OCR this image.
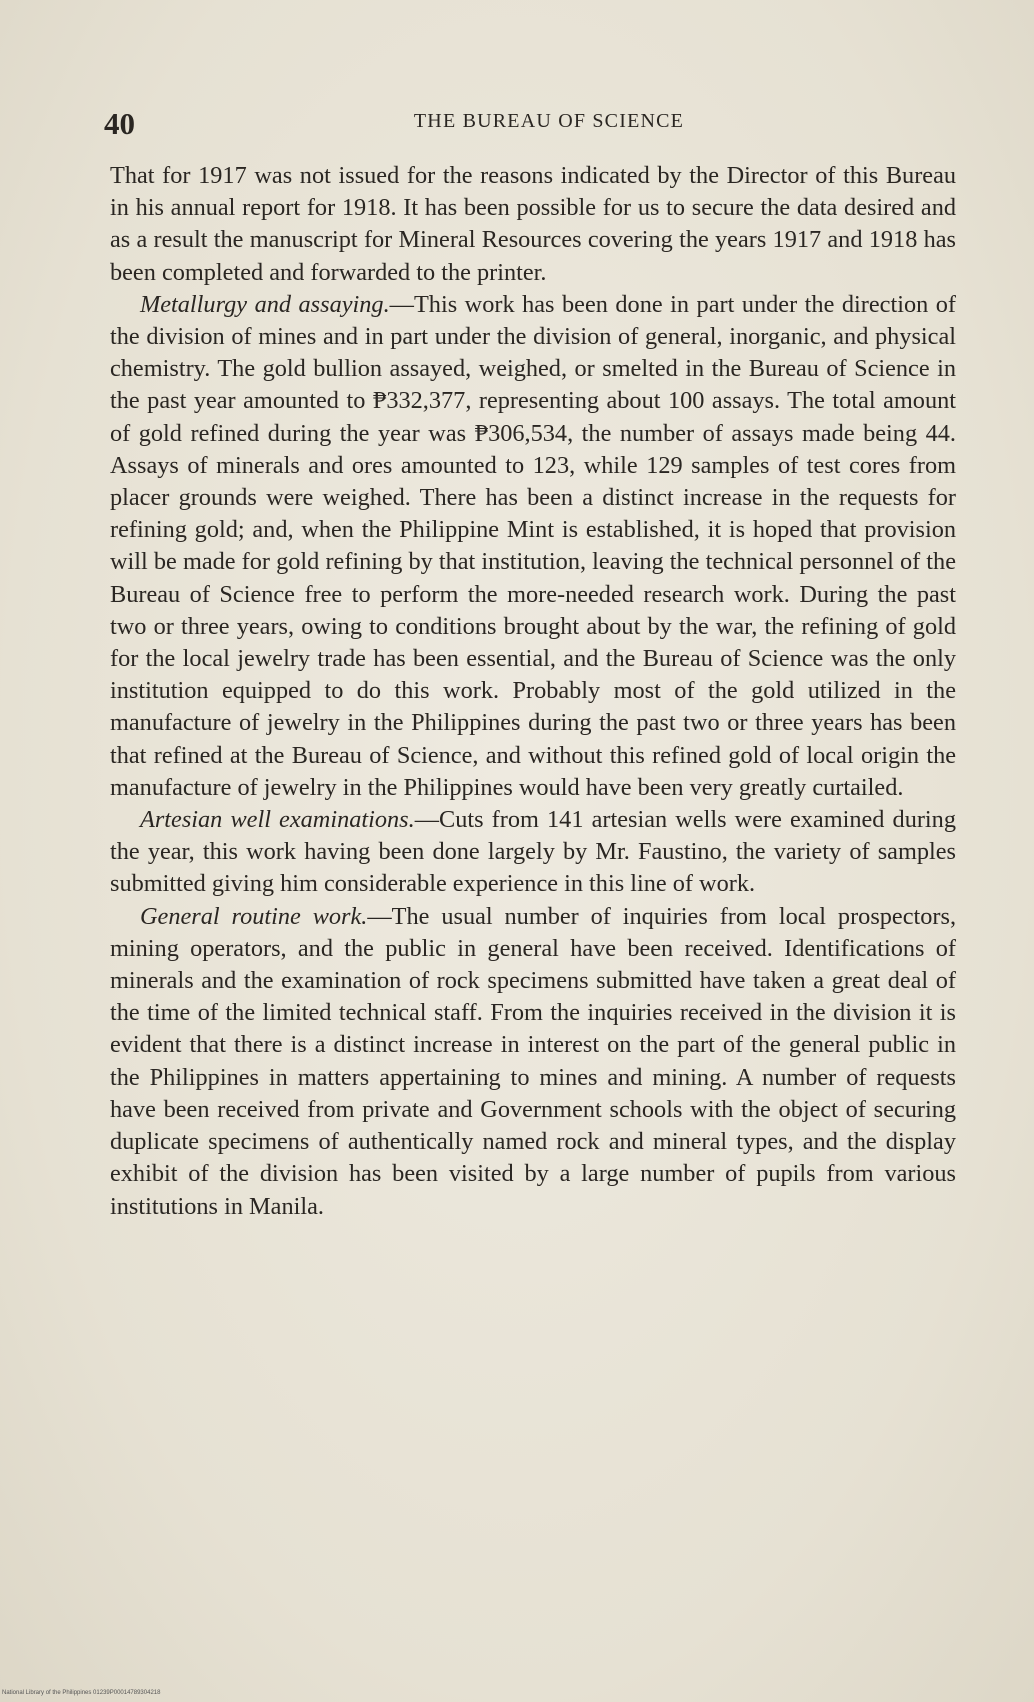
40	THE BUREAU OF SCIENCE

That for 1917 was not issued for the reasons indicated by the Director of this Bureau in his annual report for 1918. It has been possible for us to secure the data desired and as a result the manuscript for Mineral Resources covering the years 1917 and 1918 has been completed and forwarded to the printer.

Metallurgy and assaying.—This work has been done in part under the direction of the division of mines and in part under the division of general, inorganic, and physical chemistry. The gold bullion assayed, weighed, or smelted in the Bureau of Science in the past year amounted to ₱332,377, representing about 100 assays. The total amount of gold refined during the year was ₱306,534, the number of assays made being 44. Assays of minerals and ores amounted to 123, while 129 samples of test cores from placer grounds were weighed. There has been a distinct increase in the requests for refining gold; and, when the Philippine Mint is established, it is hoped that provision will be made for gold refining by that institution, leaving the technical personnel of the Bureau of Science free to perform the more-needed research work. During the past two or three years, owing to conditions brought about by the war, the refining of gold for the local jewelry trade has been essential, and the Bureau of Science was the only institution equipped to do this work. Probably most of the gold utilized in the manufacture of jewelry in the Philippines during the past two or three years has been that refined at the Bureau of Science, and without this refined gold of local origin the manufacture of jewelry in the Philippines would have been very greatly curtailed.

Artesian well examinations.—Cuts from 141 artesian wells were examined during the year, this work having been done largely by Mr. Faustino, the variety of samples submitted giving him considerable experience in this line of work.

General routine work.—The usual number of inquiries from local prospectors, mining operators, and the public in general have been received. Identifications of minerals and the examination of rock specimens submitted have taken a great deal of the time of the limited technical staff. From the inquiries received in the division it is evident that there is a distinct increase in interest on the part of the general public in the Philippines in matters appertaining to mines and mining. A number of requests have been received from private and Government schools with the object of securing duplicate specimens of authentically named rock and mineral types, and the display exhibit of the division has been visited by a large number of pupils from various institutions in Manila.

National Library of the Philippines 01239P00014789304218
